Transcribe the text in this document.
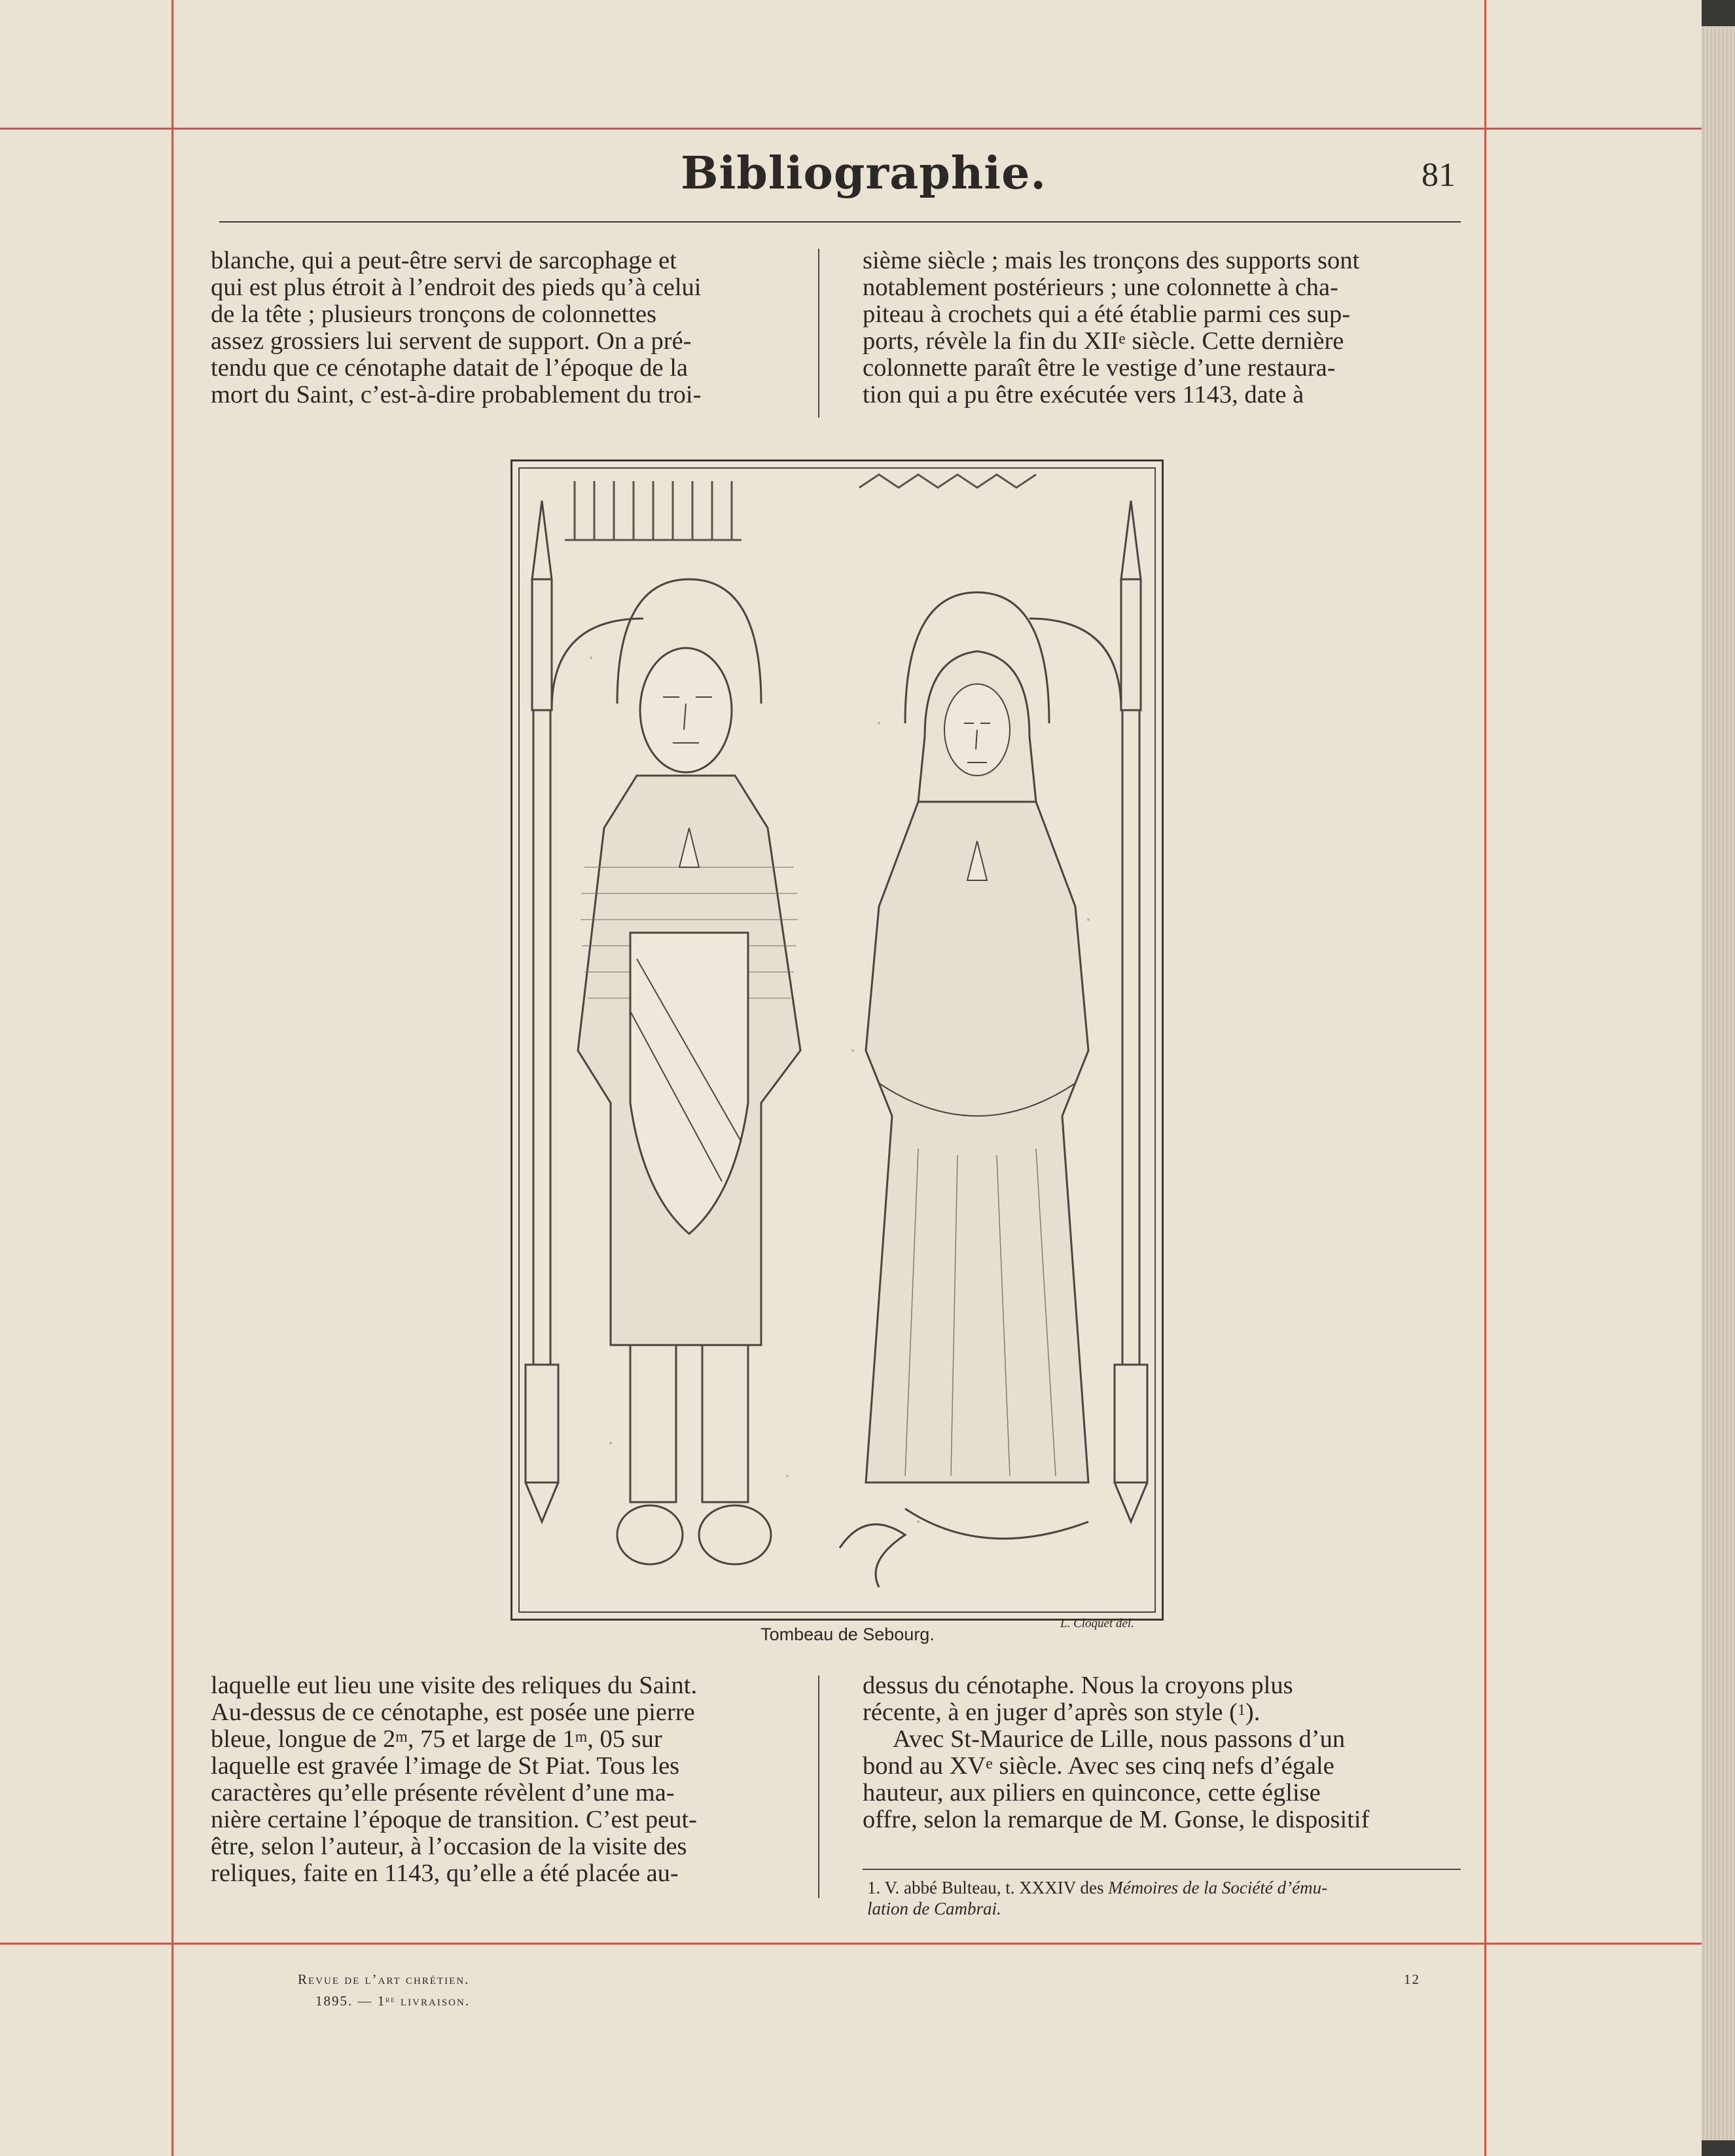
Bibliographie.	81

blanche, qui a peut-être servi de sarcophage et

qui est plus étroit à l’endroit des pieds qu’à celui

de la tête ; plusieurs tronçons de colonnettes

assez grossiers lui servent de support. On a pré-

tendu que ce cénotaphe datait de l’époque de la

mort du Saint, c’est-à-dire probablement du troi-

sième siècle ; mais les tronçons des supports sont

notablement postérieurs ; une colonnette à cha-

piteau à crochets qui a été établie parmi ces sup-

ports, révèle la fin du XIIe siècle. Cette dernière

colonnette paraît être le vestige d’une restaura-

tion qui a pu être exécutée vers 1143, date à

L. Cloquet del.
Tombeau de Sebourg.

laquelle eut lieu une visite des reliques du Saint.

Au-dessus de ce cénotaphe, est posée une pierre

bleue, longue de 2$^m$, 75 et large de 1$^m$, 05 sur

laquelle est gravée l’image de St Piat. Tous les

caractères qu’elle présente révèlent d’une ma-

nière certaine l’époque de transition. C’est peut-

être, selon l’auteur, à l’occasion de la visite des

reliques, faite en 1143, qu’elle a été placée au-

dessus du cénotaphe. Nous la croyons plus

récente, à en juger d’après son style ($^1$).

Avec St-Maurice de Lille, nous passons d’un

bond au XVe siècle. Avec ses cinq nefs d’égale

hauteur, aux piliers en quinconce, cette église

offre, selon la remarque de M. Gonse, le dispositif

1. V. abbé Bulteau, t. XXXIV des Mémoires de la Société d’ému-
lation de Cambrai.
Revue de l’art chrétien.
1895. — 1re livraison.
12
